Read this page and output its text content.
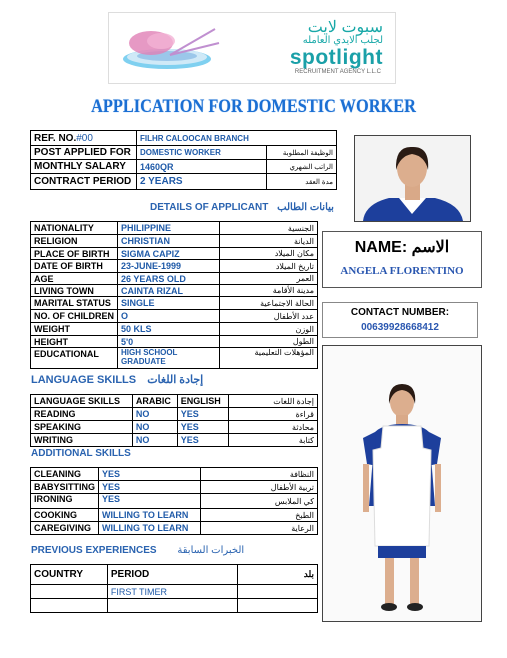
سبوت لايت
لجلب الايدي العامله
spotlight
RECRUITMENT AGENCY L.L.C
APPLICATION FOR DOMESTIC WORKER
REF. NO.#00	FILHR CALOOCAN BRANCH	
POST APPLIED FOR	DOMESTIC WORKER	الوظيفة المطلوبة
MONTHLY SALARY	1460QR	الراتب الشهري
CONTRACT PERIOD	2 YEARS	مدة العقد
DETAILS OF APPLICANT بيانات الطالب
NATIONALITY	PHILIPPINE	الجنسية
RELIGION	CHRISTIAN	الديانة
PLACE OF BIRTH	SIGMA CAPIZ	مكان الميلاد
DATE OF BIRTH	23-JUNE-1999	تاريخ الميلاد
AGE	26 YEARS OLD	العمر
LIVING TOWN	CAINTA RIZAL	مدينة الأقامة
MARITAL STATUS	SINGLE	الحالة الاجتماعية
NO. OF CHILDREN	O	عدد الأطفال
WEIGHT	50 KLS	الوزن
HEIGHT	5'0	الطول
EDUCATIONAL	HIGH SCHOOL GRADUATE	المؤهلات التعليمية
NAME: الاسم
ANGELA FLORENTINO
CONTACT NUMBER:
00639928668412
LANGUAGE SKILLS إجادة اللغات
LANGUAGE SKILLS	ARABIC	ENGLISH	إجادة اللغات
READING	NO	YES	قراءة
SPEAKING	NO	YES	محادثة
WRITING	NO	YES	كتابة
ADDITIONAL SKILLS
CLEANING	YES	النظافة
BABYSITTING	YES	تربية الأطفال
IRONING	YES	كي الملابس
COOKING	WILLING TO LEARN	الطبخ
CAREGIVING	WILLING TO LEARN	الرعاية
PREVIOUS EXPERIENCES الخبرات السابقة
COUNTRY	PERIOD	بلد
	FIRST TIMER	
